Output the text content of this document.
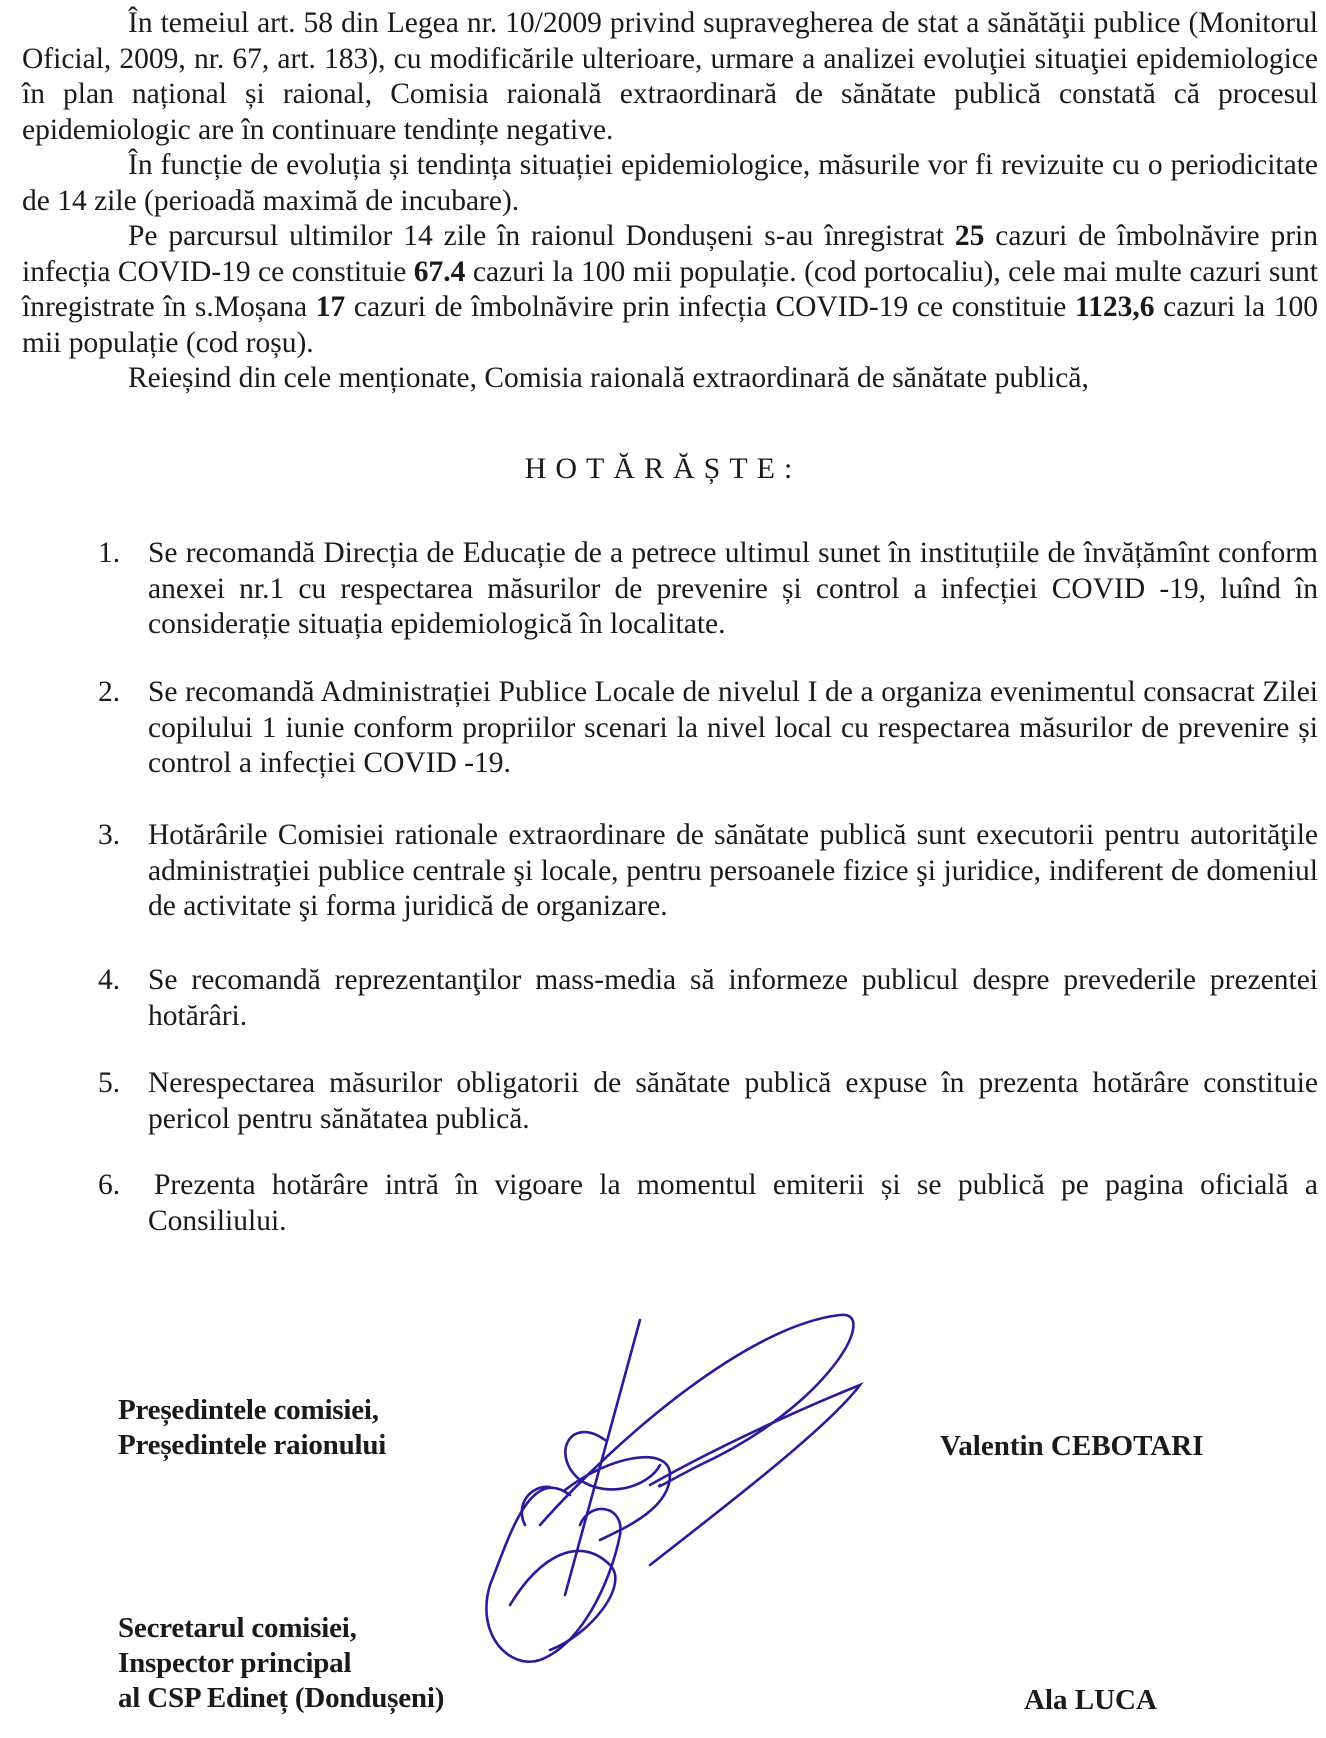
În temeiul art. 58 din Legea nr. 10/2009 privind supravegherea de stat a sănătăţii publice (Monitorul Oficial, 2009, nr. 67, art. 183), cu modificările ulterioare, urmare a analizei evoluţiei situaţiei epidemiologice în plan național și raional, Comisia raională extraordinară de sănătate publică constată că procesul epidemiologic are în continuare tendințe negative.

În funcție de evoluția și tendința situației epidemiologice, măsurile vor fi revizuite cu o periodicitate de 14 zile (perioadă maximă de incubare).

Pe parcursul ultimilor 14 zile în raionul Dondușeni s-au înregistrat 25 cazuri de îmbolnăvire prin infecția COVID-19 ce constituie 67.4 cazuri la 100 mii populație. (cod portocaliu), cele mai multe cazuri sunt înregistrate în s.Moșana 17 cazuri de îmbolnăvire prin infecția COVID-19 ce constituie 1123,6 cazuri la 100 mii populație (cod roșu).

Reieșind din cele menționate, Comisia raională extraordinară de sănătate publică,

HOTĂRĂȘTE:
1. Se recomandă Direcția de Educație de a petrece ultimul sunet în instituțiile de învățămînt conform anexei nr.1 cu respectarea măsurilor de prevenire și control a infecției COVID -19, luînd în considerație situația epidemiologică în localitate.
2. Se recomandă Administrației Publice Locale de nivelul I de a organiza evenimentul consacrat Zilei copilului 1 iunie conform propriilor scenari la nivel local cu respectarea măsurilor de prevenire și control a infecției COVID -19.
3. Hotărârile Comisiei rationale extraordinare de sănătate publică sunt executorii pentru autorităţile administraţiei publice centrale şi locale, pentru persoanele fizice şi juridice, indiferent de domeniul de activitate şi forma juridică de organizare.
4. Se recomandă reprezentanţilor mass-media să informeze publicul despre prevederile prezentei hotărâri.
5. Nerespectarea măsurilor obligatorii de sănătate publică expuse în prezenta hotărâre constituie pericol pentru sănătatea publică.
6.	Prezenta hotărâre intră în vigoare la momentul emiterii și se publică pe pagina oficială a Consiliului.
Președintele comisiei,
Președintele raionului	Valentin CEBOTARI
Secretarul comisiei,
Inspector principal
al CSP Edineț (Dondușeni)	Ala LUCA
